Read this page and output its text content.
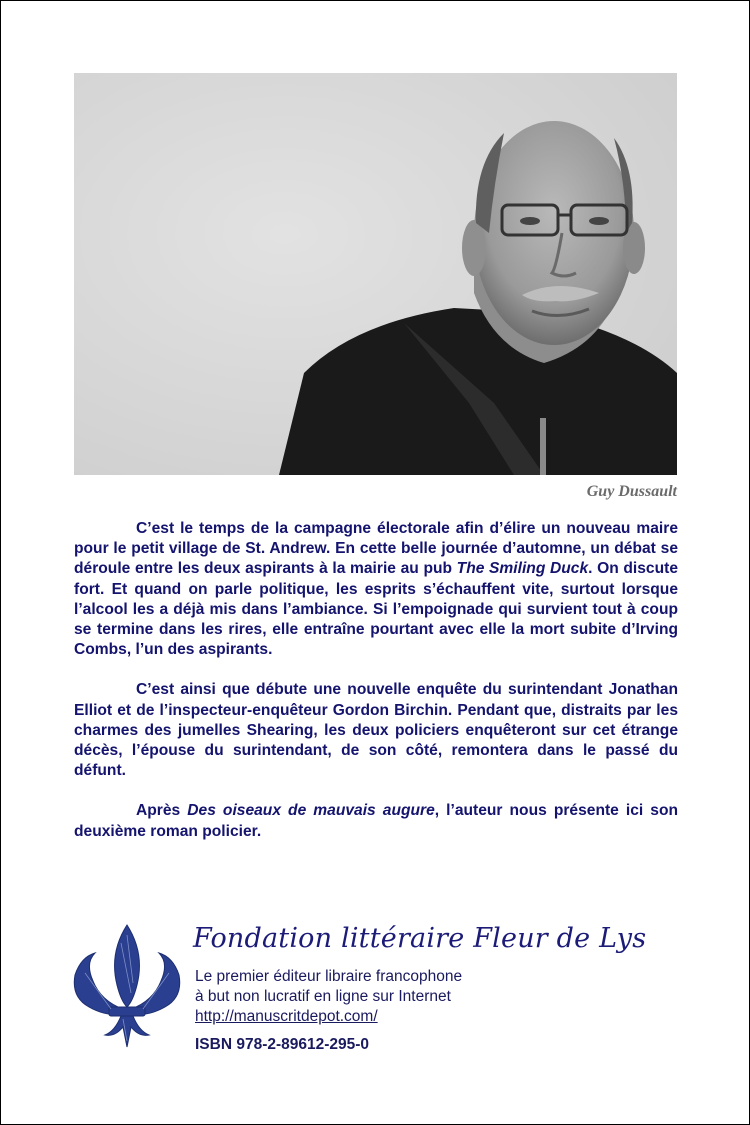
Guy Dussault

C’est le temps de la campagne électorale afin d’élire un nouveau maire pour le petit village de St. Andrew. En cette belle journée d’automne, un débat se déroule entre les deux aspirants à la mairie au pub The Smiling Duck. On discute fort. Et quand on parle politique, les esprits s’échauffent vite, surtout lorsque l’alcool les a déjà mis dans l’ambiance. Si l’empoignade qui survient tout à coup se termine dans les rires, elle entraîne pourtant avec elle la mort subite d’Irving Combs, l’un des aspirants.

C’est ainsi que débute une nouvelle enquête du surintendant Jonathan Elliot et de l’inspecteur-enquêteur Gordon Birchin. Pendant que, distraits par les charmes des jumelles Shearing, les deux policiers enquêteront sur cet étrange décès, l’épouse du surintendant, de son côté, remontera dans le passé du défunt.

Après Des oiseaux de mauvais augure, l’auteur nous présente ici son deuxième roman policier.

Fondation littéraire Fleur de Lys
Le premier éditeur libraire francophone
à but non lucratif en ligne sur Internet
http://manuscritdepot.com/
ISBN 978-2-89612-295-0
